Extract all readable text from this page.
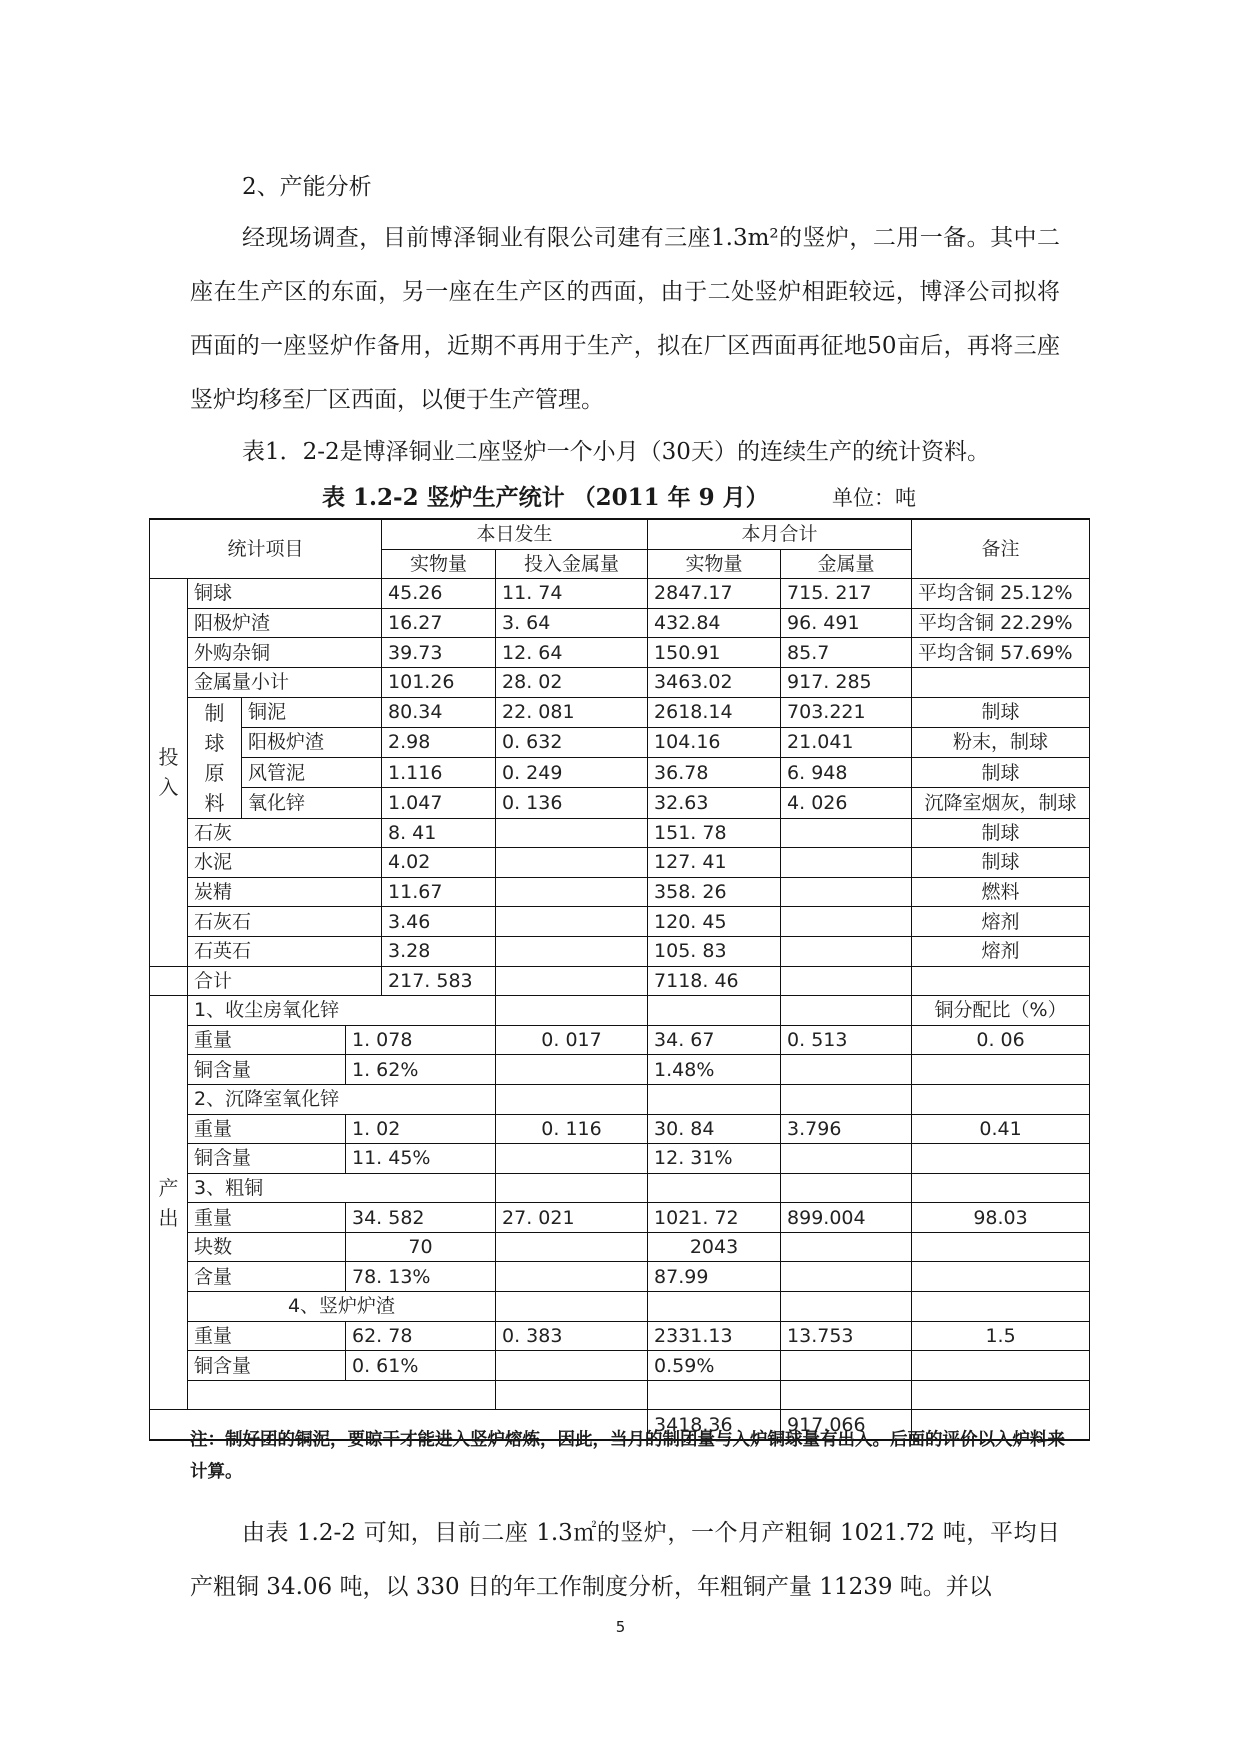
2、产能分析

经现场调查，目前博泽铜业有限公司建有三座1.3m²的竖炉，二用一备。其中二座在生产区的东面，另一座在生产区的西面，由于二处竖炉相距较远，博泽公司拟将西面的一座竖炉作备用，近期不再用于生产，拟在厂区西面再征地50亩后，再将三座竖炉均移至厂区西面，以便于生产管理。

表1．2-2是博泽铜业二座竖炉一个小月（30天）的连续生产的统计资料。

表 1.2-2 竖炉生产统计 （2011 年 9 月）	单位：吨
统计项目				本日发生		本月合计		备注
				实物量	投入金属量	实物量	金属量	
投入	铜球			45.26	11. 74	2847.17	715. 217	平均含铜 25.12%
	阳极炉渣			16.27	3. 64	432.84	96. 491	平均含铜 22.29%
	外购杂铜			39.73	12. 64	150.91	85.7	平均含铜 57.69%
	金属量小计			101.26	28. 02	3463.02	917. 285	
	制球原料	铜泥		80.34	22. 081	2618.14	703.221	制球
		阳极炉渣		2.98	0. 632	104.16	21.041	粉末，制球
		风管泥		1.116	0. 249	36.78	6. 948	制球
		氧化锌		1.047	0. 136	32.63	4. 026	沉降室烟灰，制球
	石灰			8. 41		151. 78		制球
	水泥			4.02		127. 41		制球
	炭精			11.67		358. 26		燃料
	石灰石			3.46		120. 45		熔剂
	石英石			3.28		105. 83		熔剂
	合计			217. 583		7118. 46		
产出	1、收尘房氧化锌							铜分配比（%）
	重量		1. 078		0. 017	34. 67	0. 513	0. 06
	铜含量		1. 62%			1.48%		
	2、沉降室氧化锌							
	重量		1. 02		0. 116	30. 84	3.796	0.41
	铜含量		11. 45%			12. 31%		
	3、粗铜							
	重量		34. 582		27. 021	1021. 72	899.004	98.03
	块数		70			2043		
	含量		78. 13%			87.99		
	4、竖炉炉渣							
	重量		62. 78		0. 383	2331.13	13.753	1.5
	铜含量		0. 61%			0.59%		

						3418.36	917.066	

注：制好团的铜泥，要晾干才能进入竖炉熔炼，因此，当月的制团量与入炉铜球量有出入。后面的评价以入炉料来计算。

由表 1.2-2 可知，目前二座 1.3㎡的竖炉，一个月产粗铜 1021.72 吨，平均日产粗铜 34.06 吨，以 330 日的年工作制度分析，年粗铜产量 11239 吨。并以

5
